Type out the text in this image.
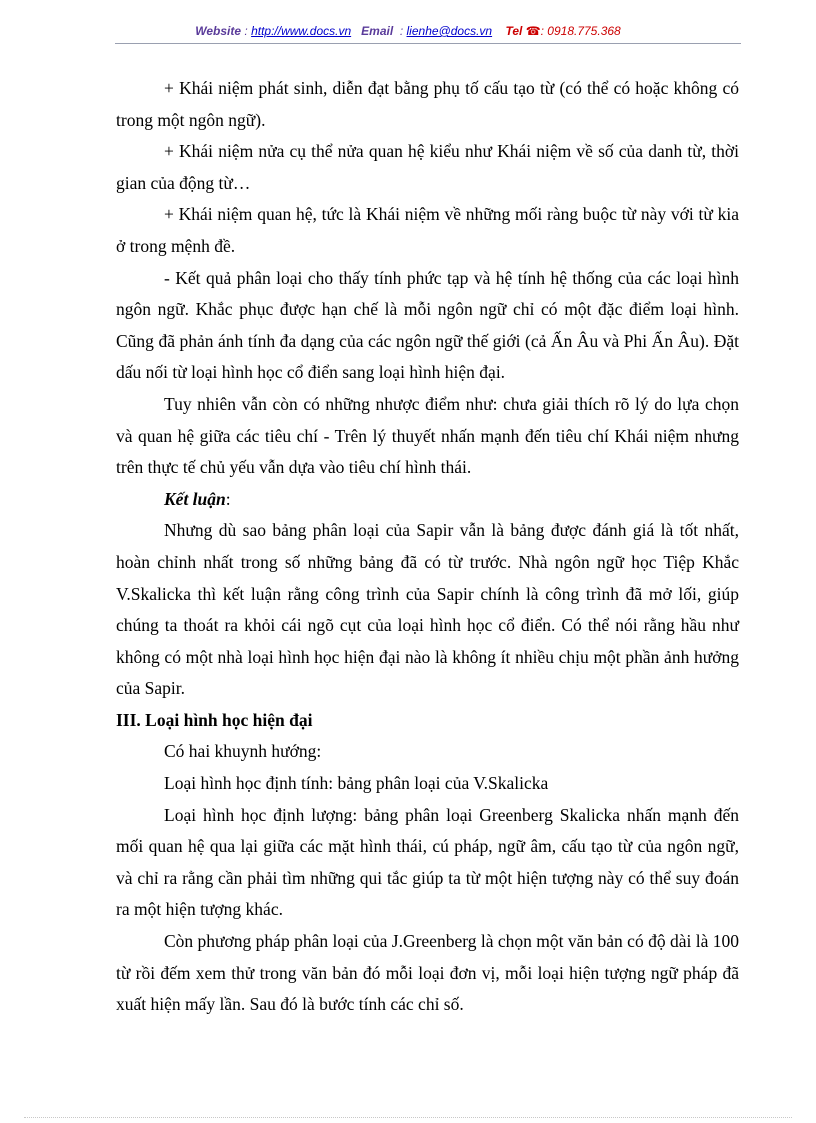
Website : http://www.docs.vn Email  : lienhe@docs.vn Tel ☎: 0918.775.368

+ Khái niệm phát sinh, diễn đạt bằng phụ tố cấu tạo từ (có thể có hoặc không có trong một ngôn ngữ).

+ Khái niệm nửa cụ thể nửa quan hệ kiểu như Khái niệm về số của danh từ, thời gian của động từ…

+ Khái niệm quan hệ, tức là Khái niệm về những mối ràng buộc từ này với từ kia ở trong mệnh đề.

- Kết quả phân loại cho thấy tính phức tạp và hệ tính hệ thống của các loại hình ngôn ngữ. Khắc phục được hạn chế là mỗi ngôn ngữ chỉ có một đặc điểm loại hình. Cũng đã phản ánh tính đa dạng của các ngôn ngữ thế giới (cả Ấn Âu và Phi Ấn Âu). Đặt dấu nối từ loại hình học cổ điển sang loại hình hiện đại.

Tuy nhiên vẫn còn có những nhược điểm như: chưa giải thích rõ lý do lựa chọn và quan hệ giữa các tiêu chí - Trên lý thuyết nhấn mạnh đến tiêu chí Khái niệm nhưng trên thực tế chủ yếu vẫn dựa vào tiêu chí hình thái.

Kết luận:

Nhưng dù sao bảng phân loại của Sapir vẫn là bảng được đánh giá là tốt nhất, hoàn chỉnh nhất trong số những bảng đã có từ trước. Nhà ngôn ngữ học Tiệp Khắc V.Skalicka thì kết luận rằng công trình của Sapir chính là công trình đã mở lối, giúp chúng ta thoát ra khỏi cái ngõ cụt của loại hình học cổ điển. Có thể nói rằng hầu như không có một nhà loại hình học hiện đại nào là không ít nhiều chịu một phần ảnh hưởng của Sapir.

III. Loại hình học hiện đại

Có hai khuynh hướng:

Loại hình học định tính: bảng phân loại của V.Skalicka

Loại hình học định lượng: bảng phân loại Greenberg Skalicka nhấn mạnh đến mối quan hệ qua lại giữa các mặt hình thái, cú pháp, ngữ âm, cấu tạo từ của ngôn ngữ, và chỉ ra rằng cần phải tìm những qui tắc giúp ta từ một hiện tượng này có thể suy đoán ra một hiện tượng khác.

Còn phương pháp phân loại của J.Greenberg là chọn một văn bản có độ dài là 100 từ rồi đếm xem thử trong văn bản đó mỗi loại đơn vị, mỗi loại hiện tượng ngữ pháp đã xuất hiện mấy lần. Sau đó là bước tính các chỉ số.
